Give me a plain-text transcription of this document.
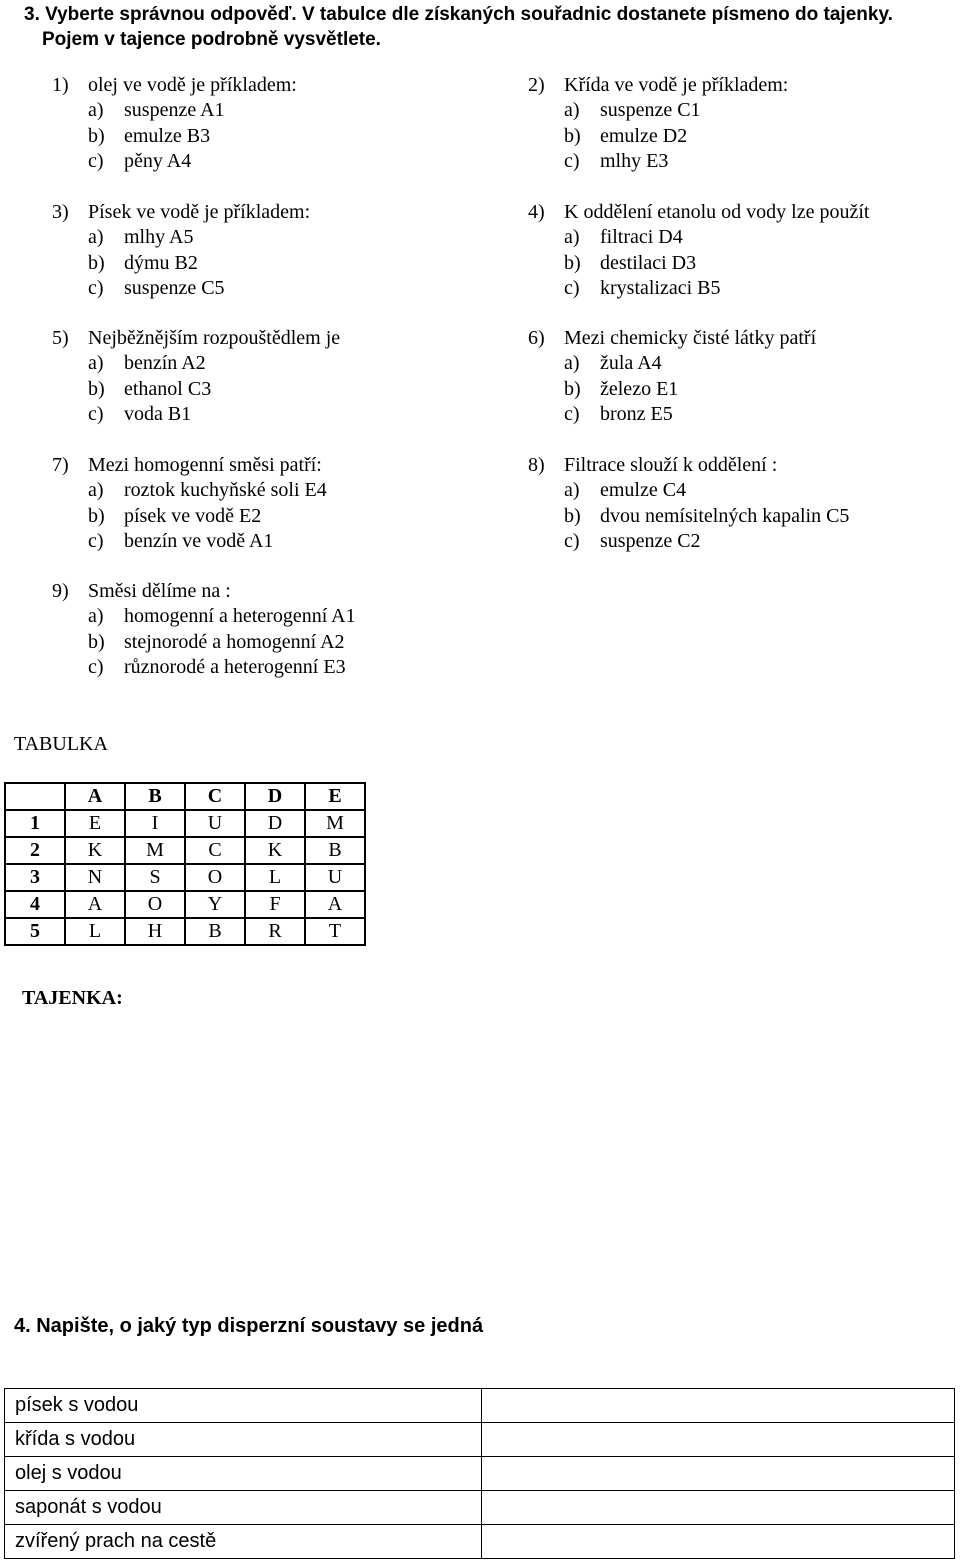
3. Vyberte správnou odpověď. V tabulce dle získaných souřadnic dostanete písmeno do tajenky.
Pojem v tajence podrobně vysvětlete.
1) olej ve vodě je příkladem:
a) suspenze A1
b) emulze B3
c) pěny A4
2) Křída ve vodě je příkladem:
a) suspenze C1
b) emulze D2
c) mlhy E3
3) Písek ve vodě je příkladem:
a) mlhy A5
b) dýmu B2
c) suspenze C5
4) K oddělení etanolu od vody lze použít
a) filtraci D4
b) destilaci D3
c) krystalizaci B5
5) Nejběžnějším rozpouštědlem je
a) benzín A2
b) ethanol C3
c) voda B1
6) Mezi chemicky čisté látky patří
a) žula A4
b) železo E1
c) bronz E5
7) Mezi homogenní směsi patří:
a) roztok kuchyňské soli E4
b) písek ve vodě E2
c) benzín ve vodě A1
8) Filtrace slouží k oddělení :
a) emulze C4
b) dvou nemísitelných kapalin C5
c) suspenze C2
9) Směsi dělíme na :
a) homogenní a heterogenní A1
b) stejnorodé a homogenní A2
c) různorodé a heterogenní E3
TABULKA
	A	B	C	D	E
1	E	I	U	D	M
2	K	M	C	K	B
3	N	S	O	L	U
4	A	O	Y	F	A
5	L	H	B	R	T
TAJENKA:
4. Napište, o jaký typ disperzní soustavy se jedná
písek s vodou	
křída s vodou	
olej s vodou	
saponát s vodou	
zvířený prach na cestě	
